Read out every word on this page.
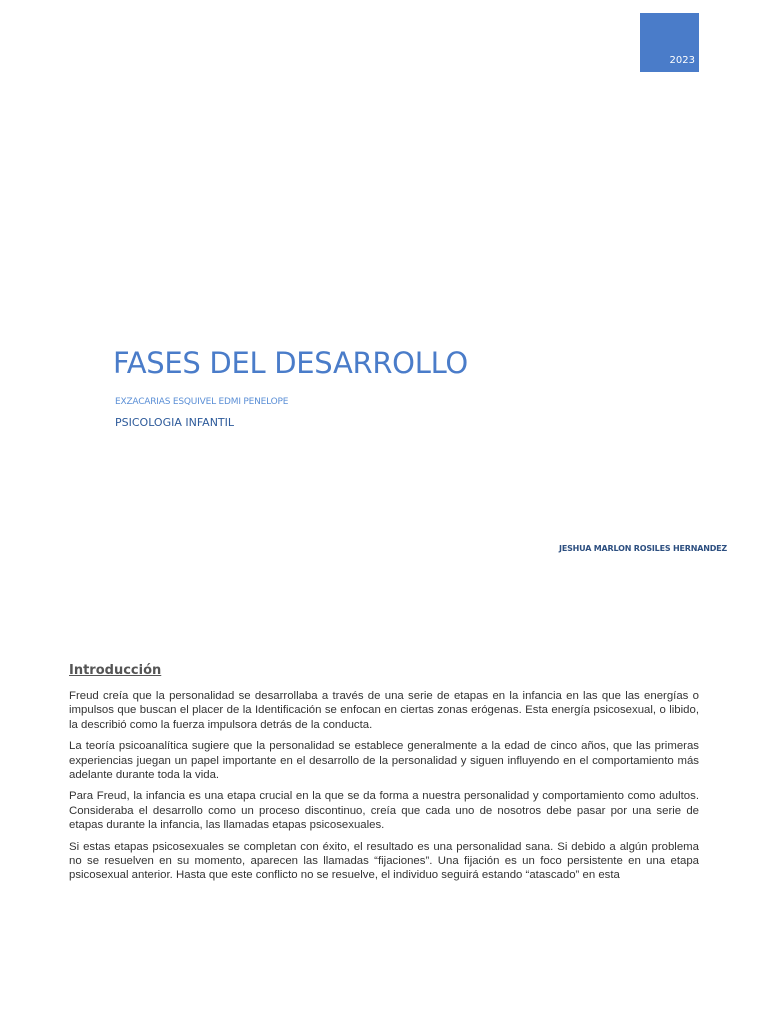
2023
FASES DEL DESARROLLO
EXZACARIAS ESQUIVEL EDMI PENELOPE
PSICOLOGIA INFANTIL
JESHUA MARLON ROSILES HERNANDEZ
Introducción

Freud creía que la personalidad se desarrollaba a través de una serie de etapas en la infancia en las que las energías o impulsos que buscan el placer de la Identificación se enfocan en ciertas zonas erógenas. Esta energía psicosexual, o libido, la describió como la fuerza impulsora detrás de la conducta.

La teoría psicoanalítica sugiere que la personalidad se establece generalmente a la edad de cinco años, que las primeras experiencias juegan un papel importante en el desarrollo de la personalidad y siguen influyendo en el comportamiento más adelante durante toda la vida.

Para Freud, la infancia es una etapa crucial en la que se da forma a nuestra personalidad y comportamiento como adultos. Consideraba el desarrollo como un proceso discontinuo, creía que cada uno de nosotros debe pasar por una serie de etapas durante la infancia, las llamadas etapas psicosexuales.

Si estas etapas psicosexuales se completan con éxito, el resultado es una personalidad sana. Si debido a algún problema no se resuelven en su momento, aparecen las llamadas “fijaciones”. Una fijación es un foco persistente en una etapa psicosexual anterior. Hasta que este conflicto no se resuelve, el individuo seguirá estando “atascado” en esta
